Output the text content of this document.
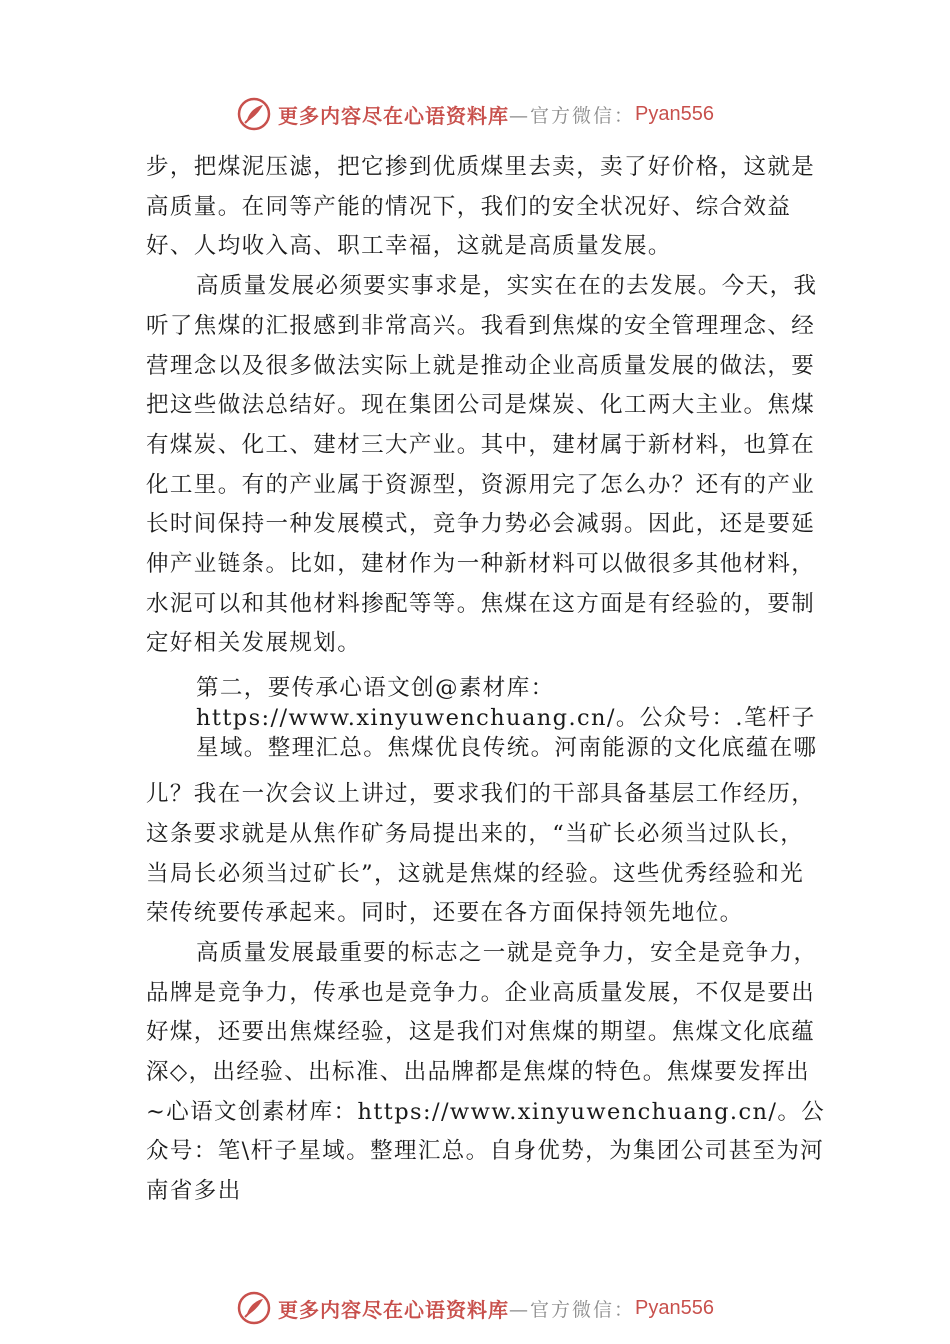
更多内容尽在心语资料库 —官方微信： Pyan556

步，把煤泥压滤，把它掺到优质煤里去卖，卖了好价格，这就是高质量。在同等产能的情况下，我们的安全状况好、综合效益好、人均收入高、职工幸福，这就是高质量发展。

高质量发展必须要实事求是，实实在在的去发展。今天，我听了焦煤的汇报感到非常高兴。我看到焦煤的安全管理理念、经营理念以及很多做法实际上就是推动企业高质量发展的做法，要把这些做法总结好。现在集团公司是煤炭、化工两大主业。焦煤有煤炭、化工、建材三大产业。其中，建材属于新材料，也算在化工里。有的产业属于资源型，资源用完了怎么办？还有的产业长时间保持一种发展模式，竞争力势必会减弱。因此，还是要延伸产业链条。比如，建材作为一种新材料可以做很多其他材料，水泥可以和其他材料掺配等等。焦煤在这方面是有经验的，要制定好相关发展规划。

第二，要传承心语文创@素材库：https://www.xinyuwenchuang.cn/。公众号：.笔杆子星域。整理汇总。焦煤优良传统。河南能源的文化底蕴在哪

儿？我在一次会议上讲过，要求我们的干部具备基层工作经历，这条要求就是从焦作矿务局提出来的，“当矿长必须当过队长，当局长必须当过矿长”，这就是焦煤的经验。这些优秀经验和光荣传统要传承起来。同时，还要在各方面保持领先地位。

高质量发展最重要的标志之一就是竞争力，安全是竞争力，品牌是竞争力，传承也是竞争力。企业高质量发展，不仅是要出好煤，还要出焦煤经验，这是我们对焦煤的期望。焦煤文化底蕴深◇，出经验、出标准、出品牌都是焦煤的特色。焦煤要发挥出~心语文创素材库：https://www.xinyuwenchuang.cn/。公众号：笔\杆子星域。整理汇总。自身优势，为集团公司甚至为河南省多出

更多内容尽在心语资料库 —官方微信： Pyan556
